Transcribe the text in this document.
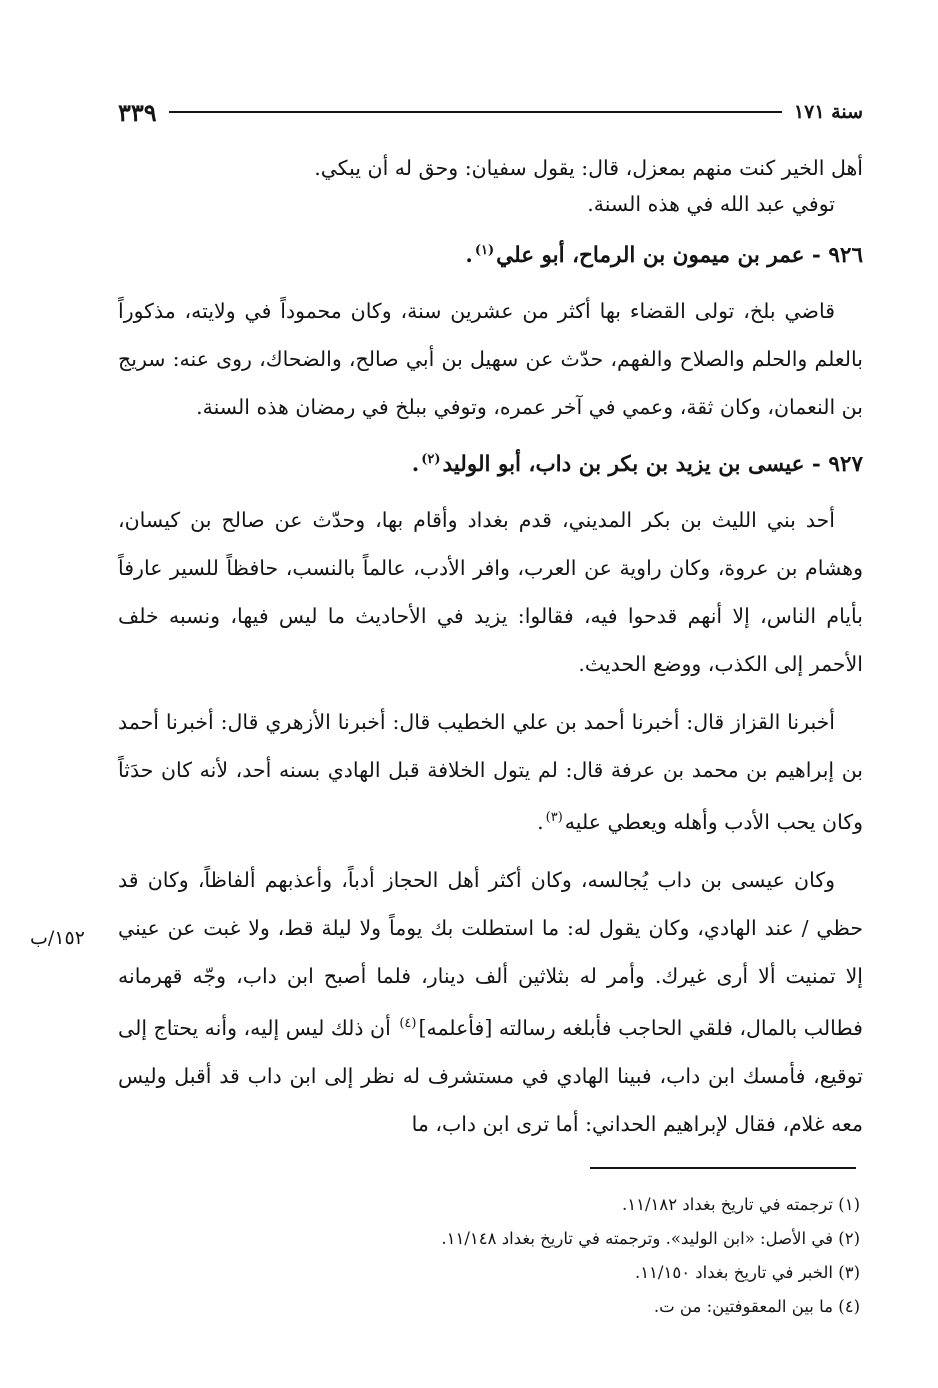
سنة ١٧١
٣٣٩

أهل الخير كنت منهم بمعزل، قال: يقول سفيان: وحق له أن يبكي.

توفي عبد الله في هذه السنة.

٩٢٦ - عمر بن ميمون بن الرماح، أبو علي$^{(١)}$.

قاضي بلخ، تولى القضاء بها أكثر من عشرين سنة، وكان محموداً في ولايته، مذكوراً بالعلم والحلم والصلاح والفهم، حدّث عن سهيل بن أبي صالح، والضحاك، روى عنه: سريج بن النعمان، وكان ثقة، وعمي في آخر عمره، وتوفي ببلخ في رمضان هذه السنة.

٩٢٧ - عيسى بن يزيد بن بكر بن داب، أبو الوليد$^{(٢)}$.

أحد بني الليث بن بكر المديني، قدم بغداد وأقام بها، وحدّث عن صالح بن كيسان، وهشام بن عروة، وكان راوية عن العرب، وافر الأدب، عالماً بالنسب، حافظاً للسير عارفاً بأيام الناس، إلا أنهم قدحوا فيه، فقالوا: يزيد في الأحاديث ما ليس فيها، ونسبه خلف الأحمر إلى الكذب، ووضع الحديث.

أخبرنا القزاز قال: أخبرنا أحمد بن علي الخطيب قال: أخبرنا الأزهري قال: أخبرنا أحمد بن إبراهيم بن محمد بن عرفة قال: لم يتول الخلافة قبل الهادي بسنه أحد، لأنه كان حدَثاً وكان يحب الأدب وأهله ويعطي عليه$^{(٣)}$.

وكان عيسى بن داب يُجالسه، وكان أكثر أهل الحجاز أدباً، وأعذبهم ألفاظاً، وكان قد حظي / عند الهادي، وكان يقول له: ما استطلت بك يوماً ولا ليلة قط، ولا غبت عن عيني إلا تمنيت ألا أرى غيرك. وأمر له بثلاثين ألف دينار، فلما أصبح ابن داب، وجّه قهرمانه فطالب بالمال، فلقي الحاجب فأبلغه رسالته [فأعلمه]$^{(٤)}$ أن ذلك ليس إليه، وأنه يحتاج إلى توقيع، فأمسك ابن داب، فبينا الهادي في مستشرف له نظر إلى ابن داب قد أقبل وليس معه غلام، فقال لإبراهيم الحداني: أما ترى ابن داب، ما

١٥٢/ب
(١) ترجمته في تاريخ بغداد ١١/١٨٢.
(٢) في الأصل: «ابن الوليد». وترجمته في تاريخ بغداد ١١/١٤٨.
(٣) الخبر في تاريخ بغداد ١١/١٥٠.
(٤) ما بين المعقوفتين: من ت.
